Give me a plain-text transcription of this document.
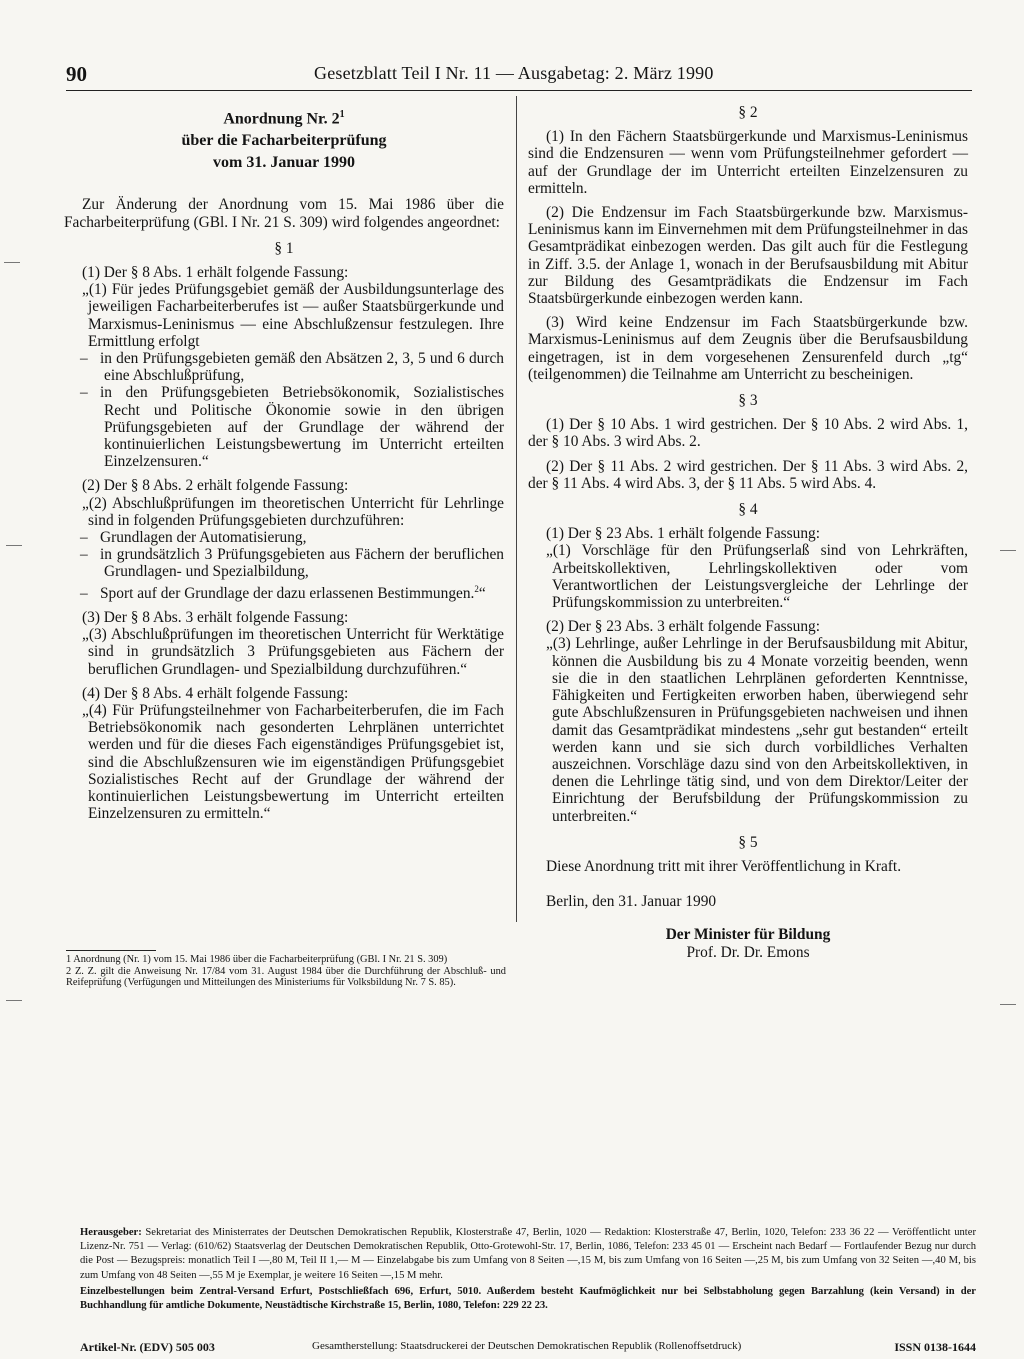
90	Gesetzblatt Teil I Nr. 11 — Ausgabetag: 2. März 1990

Anordnung Nr. $2^1$
über die Facharbeiterprüfung
vom 31. Januar 1990

Zur Änderung der Anordnung vom 15. Mai 1986 über die Facharbeiterprüfung (GBl. I Nr. 21 S. 309) wird folgendes angeordnet:

§ 1

(1) Der § 8 Abs. 1 erhält folgende Fassung:

„(1) Für jedes Prüfungsgebiet gemäß der Ausbildungsunterlage des jeweiligen Facharbeiterberufes ist — außer Staatsbürgerkunde und Marxismus-Leninismus — eine Abschlußzensur festzulegen. Ihre Ermittlung erfolgt

– in den Prüfungsgebieten gemäß den Absätzen 2, 3, 5 und 6 durch eine Abschlußprüfung,

– in den Prüfungsgebieten Betriebsökonomik, Sozialistisches Recht und Politische Ökonomie sowie in den übrigen Prüfungsgebieten auf der Grundlage der während der kontinuierlichen Leistungsbewertung im Unterricht erteilten Einzelzensuren.“

(2) Der § 8 Abs. 2 erhält folgende Fassung:

„(2) Abschlußprüfungen im theoretischen Unterricht für Lehrlinge sind in folgenden Prüfungsgebieten durchzuführen:

– Grundlagen der Automatisierung,

– in grundsätzlich 3 Prüfungsgebieten aus Fächern der beruflichen Grundlagen- und Spezialbildung,

– Sport auf der Grundlage der dazu erlassenen Bestimmungen.$^2$“

(3) Der § 8 Abs. 3 erhält folgende Fassung:

„(3) Abschlußprüfungen im theoretischen Unterricht für Werktätige sind in grundsätzlich 3 Prüfungsgebieten aus Fächern der beruflichen Grundlagen- und Spezialbildung durchzuführen.“

(4) Der § 8 Abs. 4 erhält folgende Fassung:

„(4) Für Prüfungsteilnehmer von Facharbeiterberufen, die im Fach Betriebsökonomik nach gesonderten Lehrplänen unterrichtet werden und für die dieses Fach eigenständiges Prüfungsgebiet ist, sind die Abschlußzensuren wie im eigenständigen Prüfungsgebiet Sozialistisches Recht auf der Grundlage der während der kontinuierlichen Leistungsbewertung im Unterricht erteilten Einzelzensuren zu ermitteln.“

1 Anordnung (Nr. 1) vom 15. Mai 1986 über die Facharbeiterprüfung (GBl. I Nr. 21 S. 309)

2 Z. Z. gilt die Anweisung Nr. 17/84 vom 31. August 1984 über die Durchführung der Abschluß- und Reifeprüfung (Verfügungen und Mitteilungen des Ministeriums für Volksbildung Nr. 7 S. 85).

§ 2

(1) In den Fächern Staatsbürgerkunde und Marxismus-Leninismus sind die Endzensuren — wenn vom Prüfungsteilnehmer gefordert — auf der Grundlage der im Unterricht erteilten Einzelzensuren zu ermitteln.

(2) Die Endzensur im Fach Staatsbürgerkunde bzw. Marxismus-Leninismus kann im Einvernehmen mit dem Prüfungsteilnehmer in das Gesamtprädikat einbezogen werden. Das gilt auch für die Festlegung in Ziff. 3.5. der Anlage 1, wonach in der Berufsausbildung mit Abitur zur Bildung des Gesamtprädikats die Endzensur im Fach Staatsbürgerkunde einbezogen werden kann.

(3) Wird keine Endzensur im Fach Staatsbürgerkunde bzw. Marxismus-Leninismus auf dem Zeugnis über die Berufsausbildung eingetragen, ist in dem vorgesehenen Zensurenfeld durch „tg“ (teilgenommen) die Teilnahme am Unterricht zu bescheinigen.

§ 3

(1) Der § 10 Abs. 1 wird gestrichen. Der § 10 Abs. 2 wird Abs. 1, der § 10 Abs. 3 wird Abs. 2.

(2) Der § 11 Abs. 2 wird gestrichen. Der § 11 Abs. 3 wird Abs. 2, der § 11 Abs. 4 wird Abs. 3, der § 11 Abs. 5 wird Abs. 4.

§ 4

(1) Der § 23 Abs. 1 erhält folgende Fassung:

„(1) Vorschläge für den Prüfungserlaß sind von Lehrkräften, Arbeitskollektiven, Lehrlingskollektiven oder vom Verantwortlichen der Leistungsvergleiche der Lehrlinge der Prüfungskommission zu unterbreiten.“

(2) Der § 23 Abs. 3 erhält folgende Fassung:

„(3) Lehrlinge, außer Lehrlinge in der Berufsausbildung mit Abitur, können die Ausbildung bis zu 4 Monate vorzeitig beenden, wenn sie die in den staatlichen Lehrplänen geforderten Kenntnisse, Fähigkeiten und Fertigkeiten erworben haben, überwiegend sehr gute Abschlußzensuren in Prüfungsgebieten nachweisen und ihnen damit das Gesamtprädikat mindestens „sehr gut bestanden“ erteilt werden kann und sie sich durch vorbildliches Verhalten auszeichnen. Vorschläge dazu sind von den Arbeitskollektiven, in denen die Lehrlinge tätig sind, und von dem Direktor/Leiter der Einrichtung der Berufsbildung der Prüfungskommission zu unterbreiten.“

§ 5

Diese Anordnung tritt mit ihrer Veröffentlichung in Kraft.

Berlin, den 31. Januar 1990

Der Minister für Bildung

Prof. Dr. Dr. Emons

Herausgeber: Sekretariat des Ministerrates der Deutschen Demokratischen Republik, Klosterstraße 47, Berlin, 1020 — Redaktion: Klosterstraße 47, Berlin, 1020, Telefon: 233 36 22 — Veröffentlicht unter Lizenz-Nr. 751 — Verlag: (610/62) Staatsverlag der Deutschen Demokratischen Republik, Otto-Grotewohl-Str. 17, Berlin, 1086, Telefon: 233 45 01 — Erscheint nach Bedarf — Fortlaufender Bezug nur durch die Post — Bezugspreis: monatlich Teil I —,80 M, Teil II 1,— M — Einzelabgabe bis zum Umfang von 8 Seiten —,15 M, bis zum Umfang von 16 Seiten —,25 M, bis zum Umfang von 32 Seiten —,40 M, bis zum Umfang von 48 Seiten —,55 M je Exemplar, je weitere 16 Seiten —,15 M mehr.

Einzelbestellungen beim Zentral-Versand Erfurt, Postschließfach 696, Erfurt, 5010. Außerdem besteht Kaufmöglichkeit nur bei Selbstabholung gegen Barzahlung (kein Versand) in der Buchhandlung für amtliche Dokumente, Neustädtische Kirchstraße 15, Berlin, 1080, Telefon: 229 22 23.

Artikel-Nr. (EDV) 505 003	Gesamtherstellung: Staatsdruckerei der Deutschen Demokratischen Republik (Rollenoffsetdruck)	ISSN 0138-1644
